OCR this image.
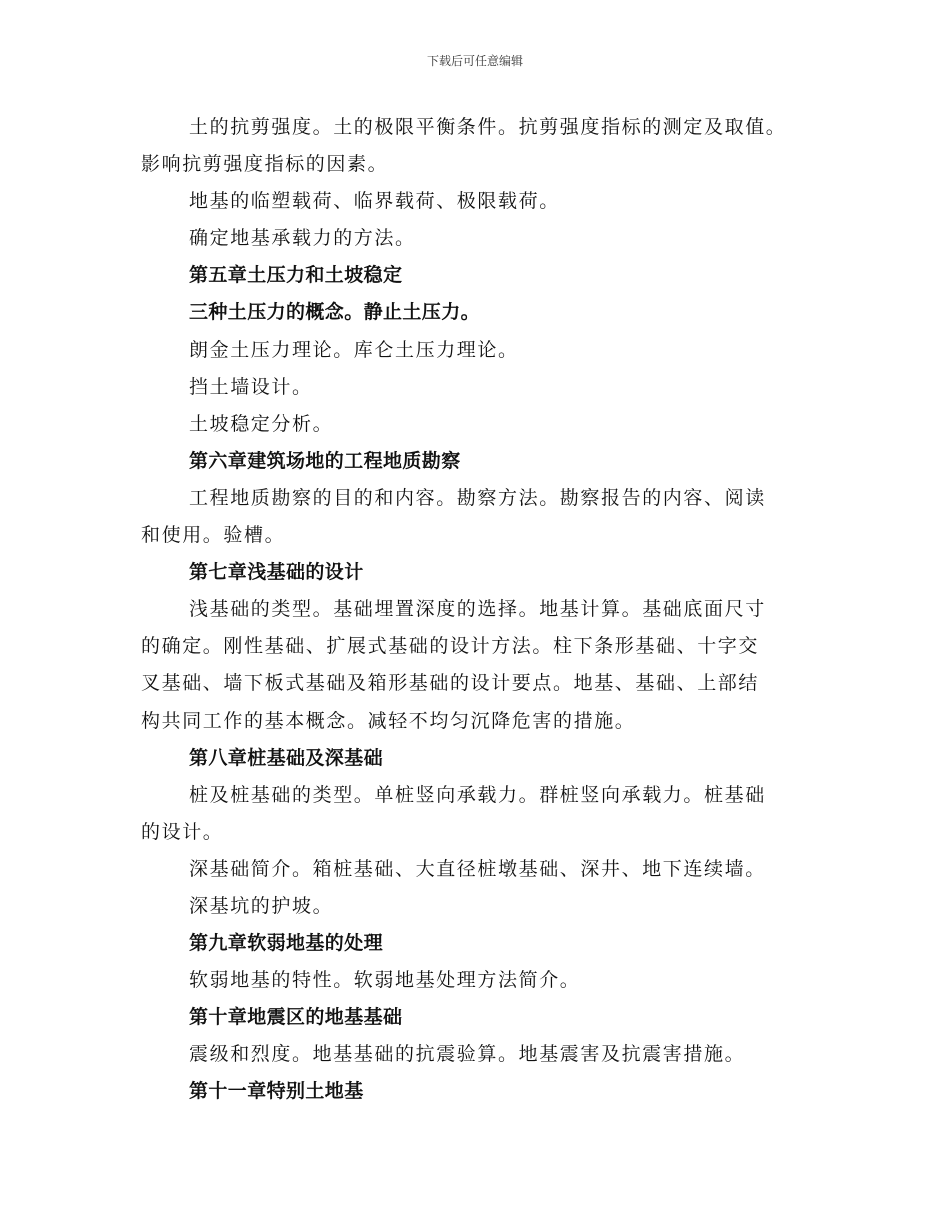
下载后可任意编辑
土的抗剪强度。土的极限平衡条件。抗剪强度指标的测定及取值。
影响抗剪强度指标的因素。
地基的临塑载荷、临界载荷、极限载荷。
确定地基承载力的方法。
第五章土压力和土坡稳定
三种土压力的概念。静止土压力。
朗金土压力理论。库仑土压力理论。
挡土墙设计。
土坡稳定分析。
第六章建筑场地的工程地质勘察
工程地质勘察的目的和内容。勘察方法。勘察报告的内容、阅读
和使用。验槽。
第七章浅基础的设计
浅基础的类型。基础埋置深度的选择。地基计算。基础底面尺寸
的确定。刚性基础、扩展式基础的设计方法。柱下条形基础、十字交
叉基础、墙下板式基础及箱形基础的设计要点。地基、基础、上部结
构共同工作的基本概念。减轻不均匀沉降危害的措施。
第八章桩基础及深基础
桩及桩基础的类型。单桩竖向承载力。群桩竖向承载力。桩基础
的设计。
深基础简介。箱桩基础、大直径桩墩基础、深井、地下连续墙。
深基坑的护坡。
第九章软弱地基的处理
软弱地基的特性。软弱地基处理方法简介。
第十章地震区的地基基础
震级和烈度。地基基础的抗震验算。地基震害及抗震害措施。
第十一章特别土地基
